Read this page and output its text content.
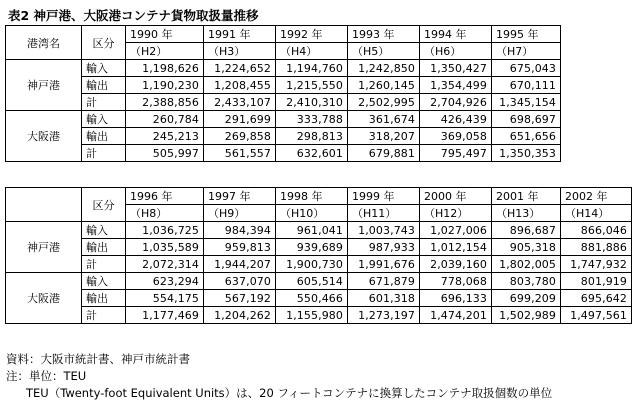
表2 神戸港、大阪港コンテナ貨物取扱量推移
港湾名	区分	1990 年	1991 年	1992 年	1993 年	1994 年	1995 年
		（H2）	（H3）	（H4）	（H5）	（H6）	（H7）
神戸港	輸入	1,198,626	1,224,652	1,194,760	1,242,850	1,350,427	675,043
	輸出	1,190,230	1,208,455	1,215,550	1,260,145	1,354,499	670,111
	計	2,388,856	2,433,107	2,410,310	2,502,995	2,704,926	1,345,154
大阪港	輸入	260,784	291,699	333,788	361,674	426,439	698,697
	輸出	245,213	269,858	298,813	318,207	369,058	651,656
	計	505,997	561,557	632,601	679,881	795,497	1,350,353
	区分	1996 年	1997 年	1998 年	1999 年	2000 年	2001 年	2002 年
		（H8）	（H9）	（H10）	（H11）	（H12）	（H13）	（H14）
神戸港	輸入	1,036,725	984,394	961,041	1,003,743	1,027,006	896,687	866,046
	輸出	1,035,589	959,813	939,689	987,933	1,012,154	905,318	881,886
	計	2,072,314	1,944,207	1,900,730	1,991,676	2,039,160	1,802,005	1,747,932
大阪港	輸入	623,294	637,070	605,514	671,879	778,068	803,780	801,919
	輸出	554,175	567,192	550,466	601,318	696,133	699,209	695,642
	計	1,177,469	1,204,262	1,155,980	1,273,197	1,474,201	1,502,989	1,497,561
資料：大阪市統計書、神戸市統計書
注：単位：TEU
TEU（Twenty-foot Equivalent Units）は、20 フィートコンテナに換算したコンテナ取扱個数の単位
